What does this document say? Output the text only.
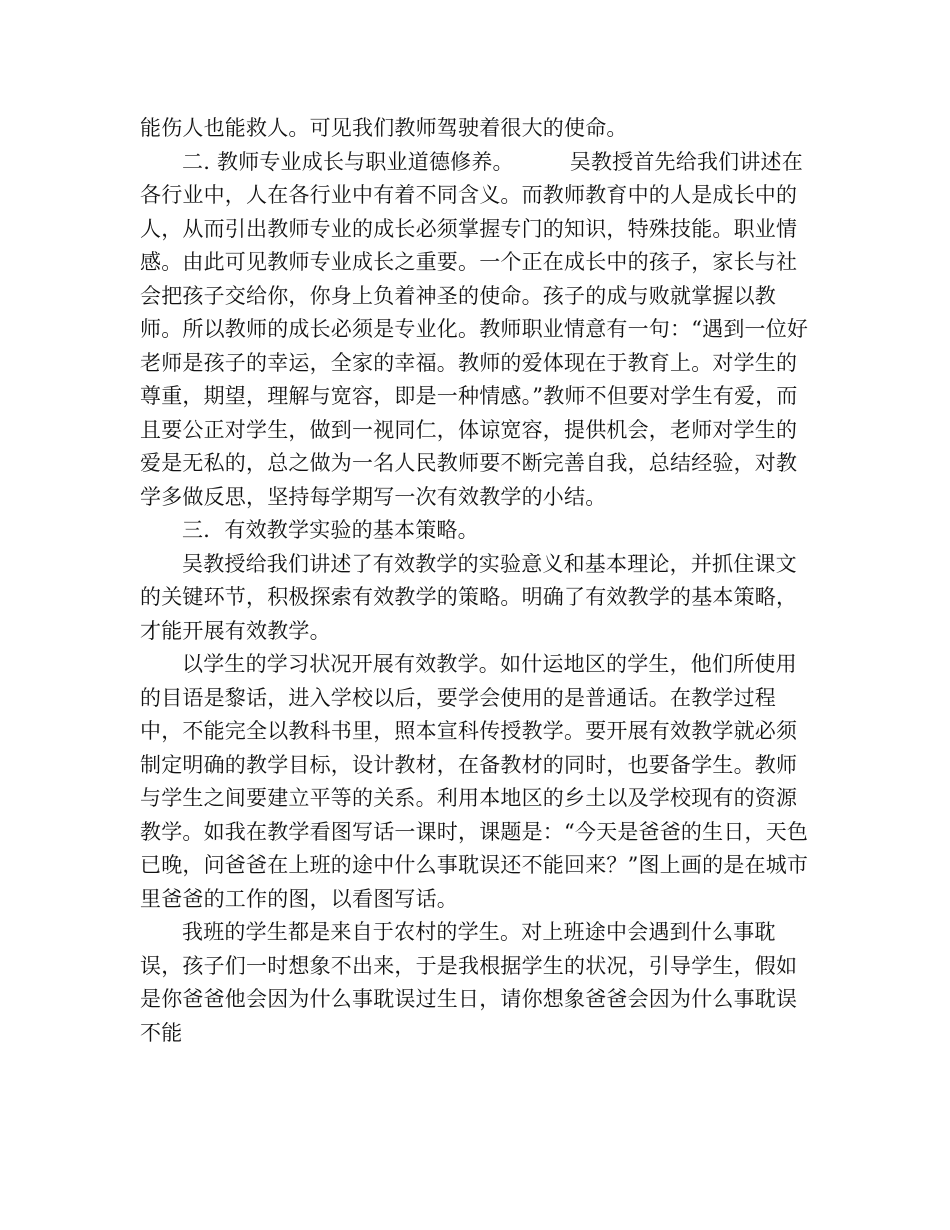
能伤人也能救人。可见我们教师驾驶着很大的使命。

二. 教师专业成长与职业道德修养。	吴教授首先给我们讲述在各行业中，人在各行业中有着不同含义。而教师教育中的人是成长中的人，从而引出教师专业的成长必须掌握专门的知识，特殊技能。职业情感。由此可见教师专业成长之重要。一个正在成长中的孩子，家长与社会把孩子交给你，你身上负着神圣的使命。孩子的成与败就掌握以教师。所以教师的成长必须是专业化。教师职业情意有一句：“遇到一位好老师是孩子的幸运，全家的幸福。教师的爱体现在于教育上。对学生的尊重，期望，理解与宽容，即是一种情感。”教师不但要对学生有爱，而且要公正对学生，做到一视同仁，体谅宽容，提供机会，老师对学生的爱是无私的，总之做为一名人民教师要不断完善自我，总结经验，对教学多做反思，坚持每学期写一次有效教学的小结。

三．有效教学实验的基本策略。

吴教授给我们讲述了有效教学的实验意义和基本理论，并抓住课文的关键环节，积极探索有效教学的策略。明确了有效教学的基本策略，才能开展有效教学。

以学生的学习状况开展有效教学。如什运地区的学生，他们所使用的目语是黎话，进入学校以后，要学会使用的是普通话。在教学过程中，不能完全以教科书里，照本宣科传授教学。要开展有效教学就必须制定明确的教学目标，设计教材，在备教材的同时，也要备学生。教师与学生之间要建立平等的关系。利用本地区的乡土以及学校现有的资源教学。如我在教学看图写话一课时，课题是：“今天是爸爸的生日，天色已晚，问爸爸在上班的途中什么事耽误还不能回来？”图上画的是在城市里爸爸的工作的图，以看图写话。

我班的学生都是来自于农村的学生。对上班途中会遇到什么事耽误，孩子们一时想象不出来，于是我根据学生的状况，引导学生，假如是你爸爸他会因为什么事耽误过生日，请你想象爸爸会因为什么事耽误不能
